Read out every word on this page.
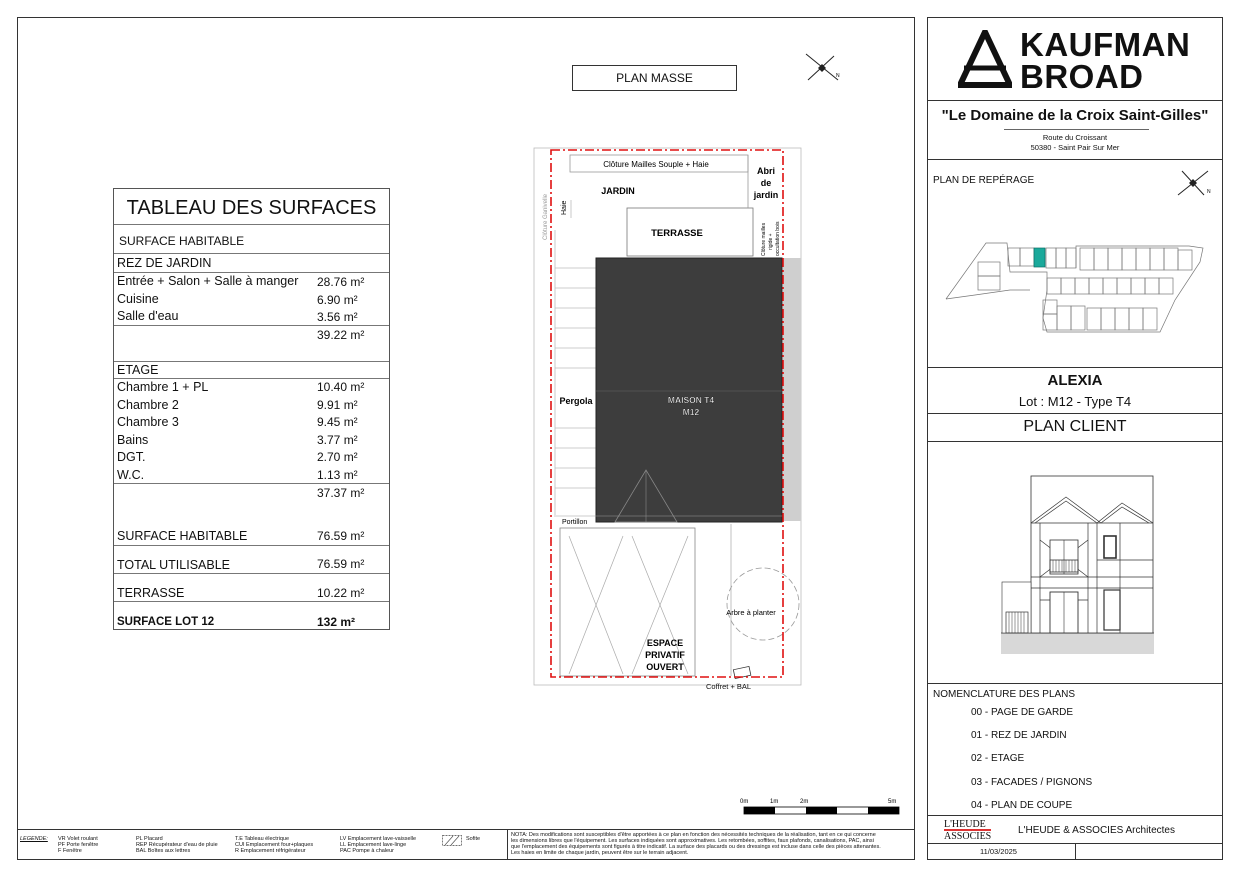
PLAN MASSE	N
TABLEAU DES SURFACES
SURFACE HABITABLE
REZ DE JARDIN
Entrée + Salon + Salle à manger 28.76 m²
Cuisine	6.90 m²
Salle d'eau	3.56 m²
39.22 m²
ETAGE
Chambre 1 + PL	10.40 m²
Chambre 2	9.91 m²
Chambre 3	9.45 m²
Bains	3.77 m²
DGT.	2.70 m²
W.C.	1.13 m²
37.37 m²
SURFACE HABITABLE	76.59 m²
TOTAL UTILISABLE	76.59 m²
TERRASSE	10.22 m²
SURFACE LOT 12	132 m²
Clôture Mailles Souple + Haie
JARDIN
Abri
de
jardin
Haie
Clôture Ganivelle	TERRASSE	Clôture mailles rigide + occultation bois
Pergola	MAISON T4
M12
Portillon
Arbre à planter
ESPACE
PRIVATIF
OUVERT
Coffret + BAL
0m	1m	2m	5m
KAUFMAN
BROAD
"Le Domaine de la Croix Saint-Gilles"
Route du Croissant
50380 - Saint Pair Sur Mer
PLAN DE REPÉRAGE
N
ALEXIA
Lot : M12 - Type T4
PLAN CLIENT
NOMENCLATURE DES PLANS
00 - PAGE DE GARDE
01 - REZ DE JARDIN
02 - ETAGE
03 - FACADES / PIGNONS
04 - PLAN DE COUPE
L'HEUDE
ASSOCIES
L'HEUDE & ASSOCIES Architectes
11/03/2025
LEGENDE: VR Volet roulant
PF Porte fenêtre
F Fenêtre
PL Placard
REP Récupérateur d'eau de pluie
BAL Boîtes aux lettres
T.E Tableau électrique
CUI Emplacement four+plaques
R Emplacement réfrigérateur
LV Emplacement lave-vaisselle
LL Emplacement lave-linge
PAC Pompe à chaleur
Sofite
NOTA: Des modifications sont susceptibles d'être apportées à ce plan en fonction des nécessités techniques de la réalisation, tant en ce qui concerne
les dimensions libres que l'équipement. Les surfaces indiquées sont approximatives. Les retombées, soffites, faux plafonds, canalisations, PAC, ainsi
que l'emplacement des équipements sont figurés à titre indicatif. La surface des placards ou des dressings est incluse dans celle des pièces attenantes.
Les haies en limite de chaque jardin, peuvent être sur le terrain adjacent.
